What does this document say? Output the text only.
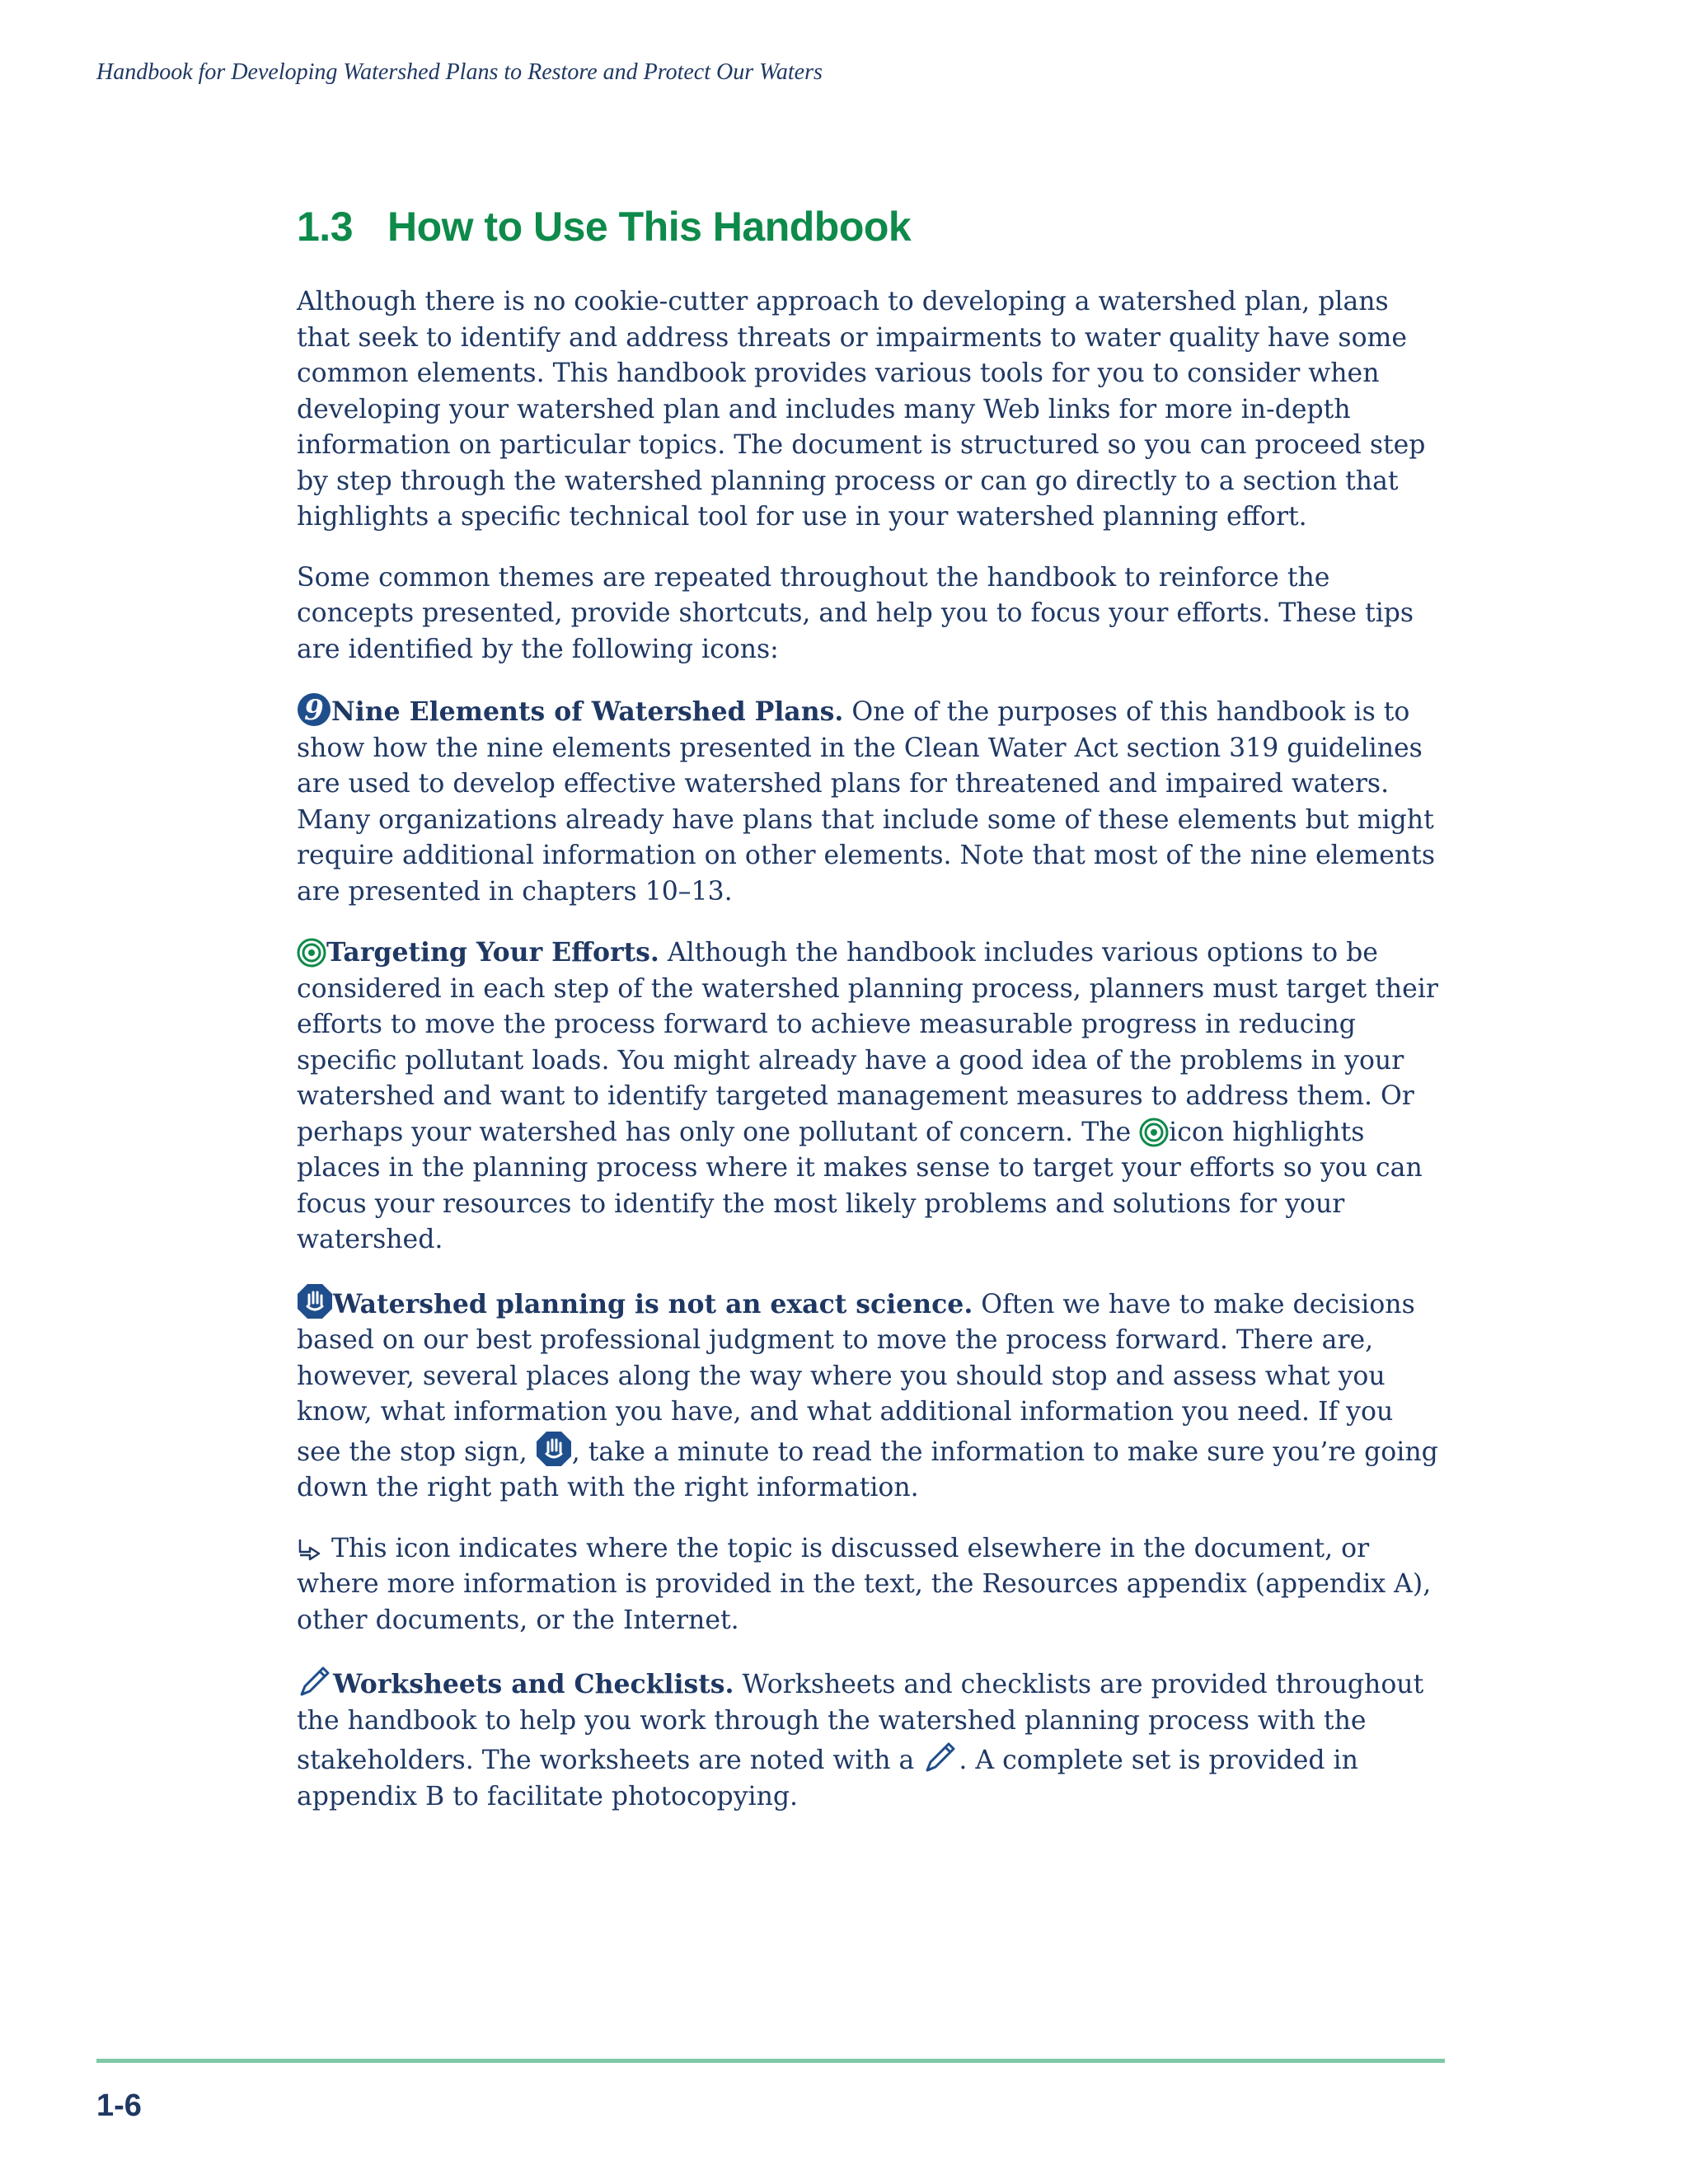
Handbook for Developing Watershed Plans to Restore and Protect Our Waters
1.3 How to Use This Handbook

Although there is no cookie-cutter approach to developing a watershed plan, plans that seek to identify and address threats or impairments to water quality have some common elements. This handbook provides various tools for you to consider when developing your watershed plan and includes many Web links for more in-depth information on particular topics. The document is structured so you can proceed step by step through the watershed planning process or can go directly to a section that highlights a specific technical tool for use in your watershed planning effort.

Some common themes are repeated throughout the handbook to reinforce the concepts presented, provide shortcuts, and help you to focus your efforts. These tips are identified by the following icons:

9 Nine Elements of Watershed Plans. One of the purposes of this handbook is to show how the nine elements presented in the Clean Water Act section 319 guidelines are used to develop effective watershed plans for threatened and impaired waters. Many organizations already have plans that include some of these elements but might require additional information on other elements. Note that most of the nine elements are presented in chapters 10–13.

Targeting Your Efforts. Although the handbook includes various options to be considered in each step of the watershed planning process, planners must target their efforts to move the process forward to achieve measurable progress in reducing specific pollutant loads. You might already have a good idea of the problems in your watershed and want to identify targeted management measures to address them. Or perhaps your watershed has only one pollutant of concern. The icon highlights places in the planning process where it makes sense to target your efforts so you can focus your resources to identify the most likely problems and solutions for your watershed.

Watershed planning is not an exact science. Often we have to make decisions based on our best professional judgment to move the process forward. There are, however, several places along the way where you should stop and assess what you know, what information you have, and what additional information you need. If you see the stop sign, , take a minute to read the information to make sure you’re going down the right path with the right information.

This icon indicates where the topic is discussed elsewhere in the document, or where more information is provided in the text, the Resources appendix (appendix A), other documents, or the Internet.

Worksheets and Checklists. Worksheets and checklists are provided throughout the handbook to help you work through the watershed planning process with the stakeholders. The worksheets are noted with a . A complete set is provided in appendix B to facilitate photocopying.

1-6
